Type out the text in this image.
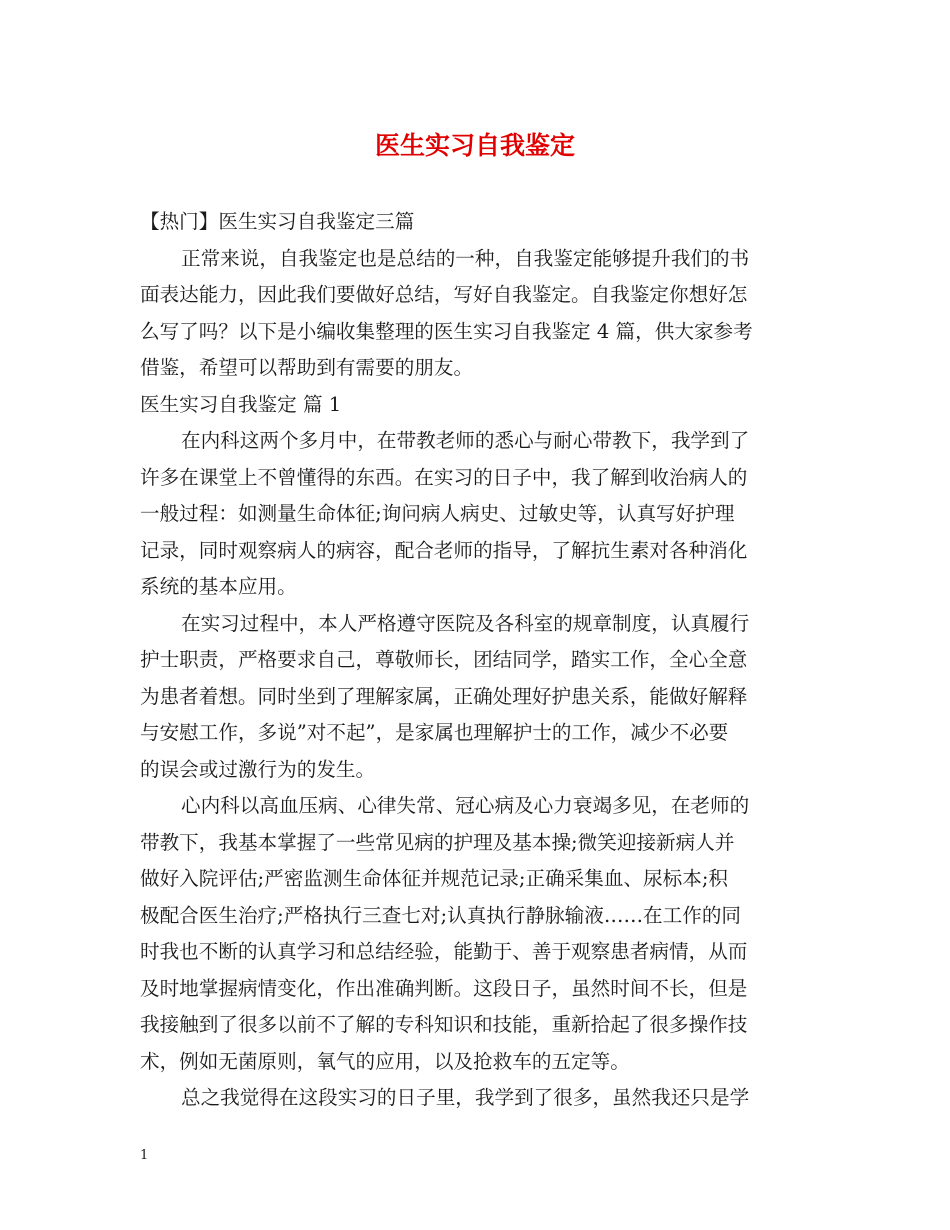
医生实习自我鉴定
【热门】医生实习自我鉴定三篇
正常来说，自我鉴定也是总结的一种，自我鉴定能够提升我们的书
面表达能力，因此我们要做好总结，写好自我鉴定。自我鉴定你想好怎
么写了吗？以下是小编收集整理的医生实习自我鉴定 4 篇，供大家参考
借鉴，希望可以帮助到有需要的朋友。
医生实习自我鉴定 篇 1
在内科这两个多月中，在带教老师的悉心与耐心带教下，我学到了
许多在课堂上不曾懂得的东西。在实习的日子中，我了解到收治病人的
一般过程：如测量生命体征;询问病人病史、过敏史等，认真写好护理
记录，同时观察病人的病容，配合老师的指导，了解抗生素对各种消化
系统的基本应用。
在实习过程中，本人严格遵守医院及各科室的规章制度，认真履行
护士职责，严格要求自己，尊敬师长，团结同学，踏实工作，全心全意
为患者着想。同时坐到了理解家属，正确处理好护患关系，能做好解释
与安慰工作，多说”对不起”，是家属也理解护士的工作，减少不必要
的误会或过激行为的发生。
心内科以高血压病、心律失常、冠心病及心力衰竭多见，在老师的
带教下，我基本掌握了一些常见病的护理及基本操;微笑迎接新病人并
做好入院评估;严密监测生命体征并规范记录;正确采集血、尿标本;积
极配合医生治疗;严格执行三查七对;认真执行静脉输液……在工作的同
时我也不断的认真学习和总结经验，能勤于、善于观察患者病情，从而
及时地掌握病情变化，作出准确判断。这段日子，虽然时间不长，但是
我接触到了很多以前不了解的专科知识和技能，重新拾起了很多操作技
术，例如无菌原则，氧气的应用，以及抢救车的五定等。
总之我觉得在这段实习的日子里，我学到了很多，虽然我还只是学
1
